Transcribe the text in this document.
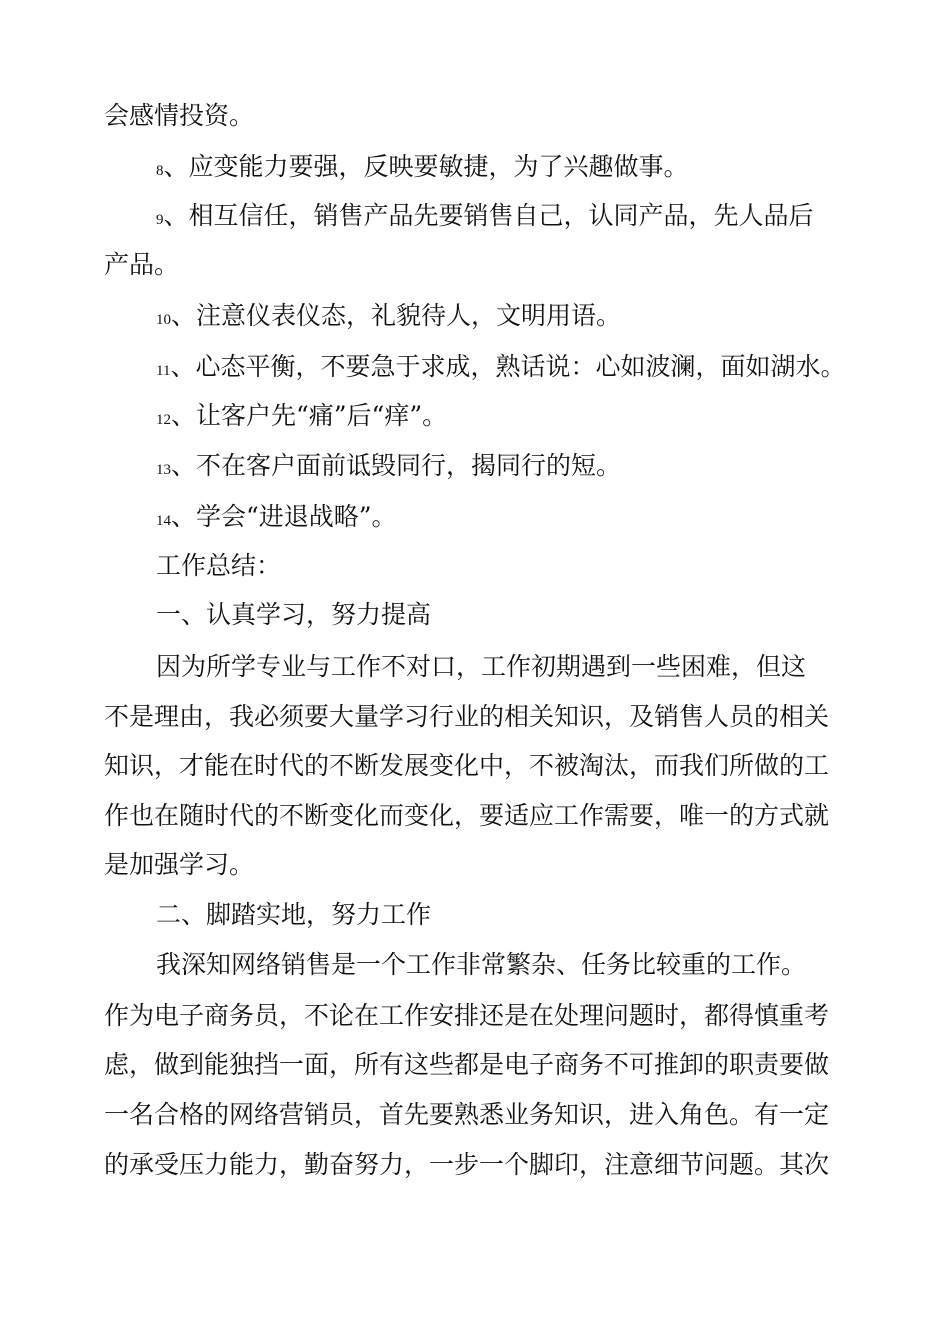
会感情投资。
8、应变能力要强，反映要敏捷，为了兴趣做事。
9、相互信任，销售产品先要销售自己，认同产品，先人品后
产品。
10、注意仪表仪态，礼貌待人，文明用语。
11、心态平衡，不要急于求成，熟话说：心如波澜，面如湖水。
12、让客户先“痛”后“痒”。
13、不在客户面前诋毁同行，揭同行的短。
14、学会“进退战略”。
工作总结：
一、认真学习，努力提高
因为所学专业与工作不对口，工作初期遇到一些困难，但这
不是理由，我必须要大量学习行业的相关知识，及销售人员的相关
知识，才能在时代的不断发展变化中，不被淘汰，而我们所做的工
作也在随时代的不断变化而变化，要适应工作需要，唯一的方式就
是加强学习。
二、脚踏实地，努力工作
我深知网络销售是一个工作非常繁杂、任务比较重的工作。
作为电子商务员，不论在工作安排还是在处理问题时，都得慎重考
虑，做到能独挡一面，所有这些都是电子商务不可推卸的职责要做
一名合格的网络营销员，首先要熟悉业务知识，进入角色。有一定
的承受压力能力，勤奋努力，一步一个脚印，注意细节问题。其次
